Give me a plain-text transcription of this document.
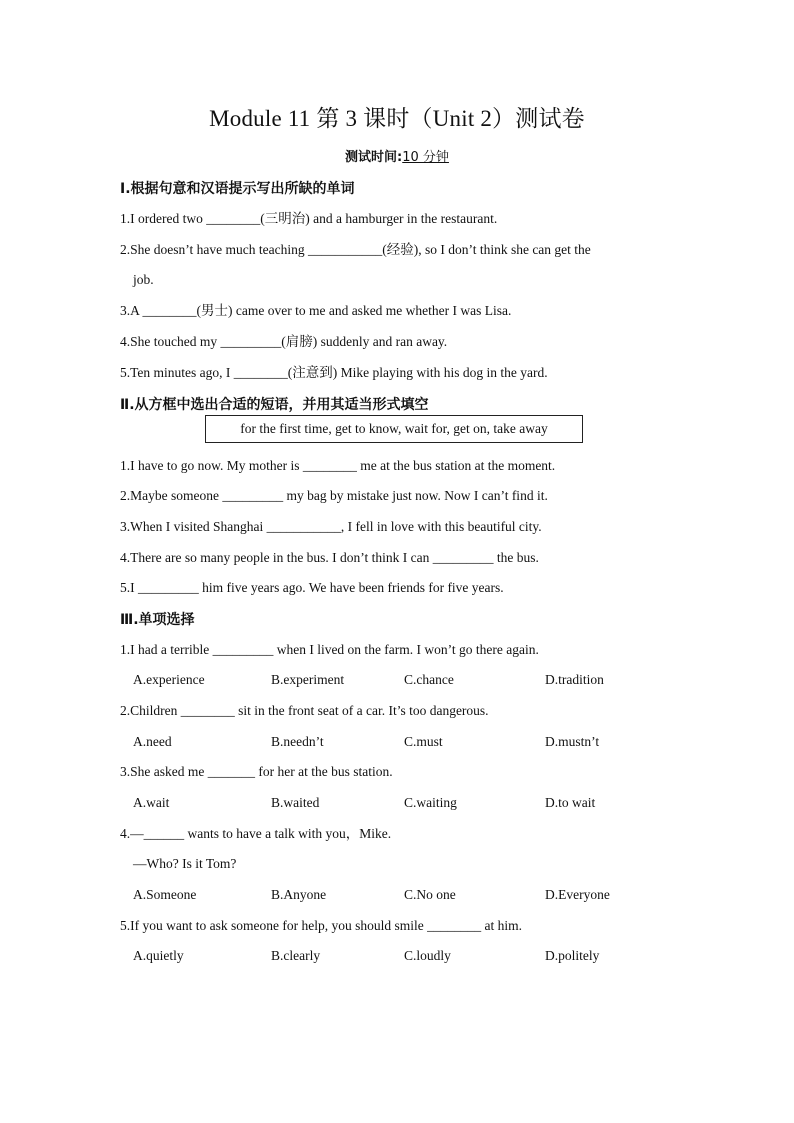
Module 11 第 3 课时（Unit 2）测试卷
测试时间:10 分钟
Ⅰ.根据句意和汉语提示写出所缺的单词
1.I ordered two ________(三明治) and a hamburger in the restaurant.
2.She doesn’t have much teaching ___________(经验), so I don’t think she can get the
job.
3.A ________(男士) came over to me and asked me whether I was Lisa.
4.She touched my _________(肩膀) suddenly and ran away.
5.Ten minutes ago, I ________(注意到) Mike playing with his dog in the yard.
Ⅱ.从方框中选出合适的短语，并用其适当形式填空
for the first time, get to know, wait for, get on, take away
1.I have to go now. My mother is ________ me at the bus station at the moment.
2.Maybe someone _________ my bag by mistake just now. Now I can’t find it.
3.When I visited Shanghai ___________, I fell in love with this beautiful city.
4.There are so many people in the bus. I don’t think I can _________ the bus.
5.I _________ him five years ago. We have been friends for five years.
Ⅲ.单项选择
1.I had a terrible _________ when I lived on the farm. I won’t go there again.
A.experience	B.experiment	C.chance	D.tradition
2.Children ________ sit in the front seat of a car. It’s too dangerous.
A.need	B.needn’t	C.must	D.mustn’t
3.She asked me _______ for her at the bus station.
A.wait	B.waited	C.waiting	D.to wait
4.—______ wants to have a talk with you，Mike.
—Who? Is it Tom?
A.Someone	B.Anyone	C.No one	D.Everyone
5.If you want to ask someone for help, you should smile ________ at him.
A.quietly	B.clearly	C.loudly	D.politely
